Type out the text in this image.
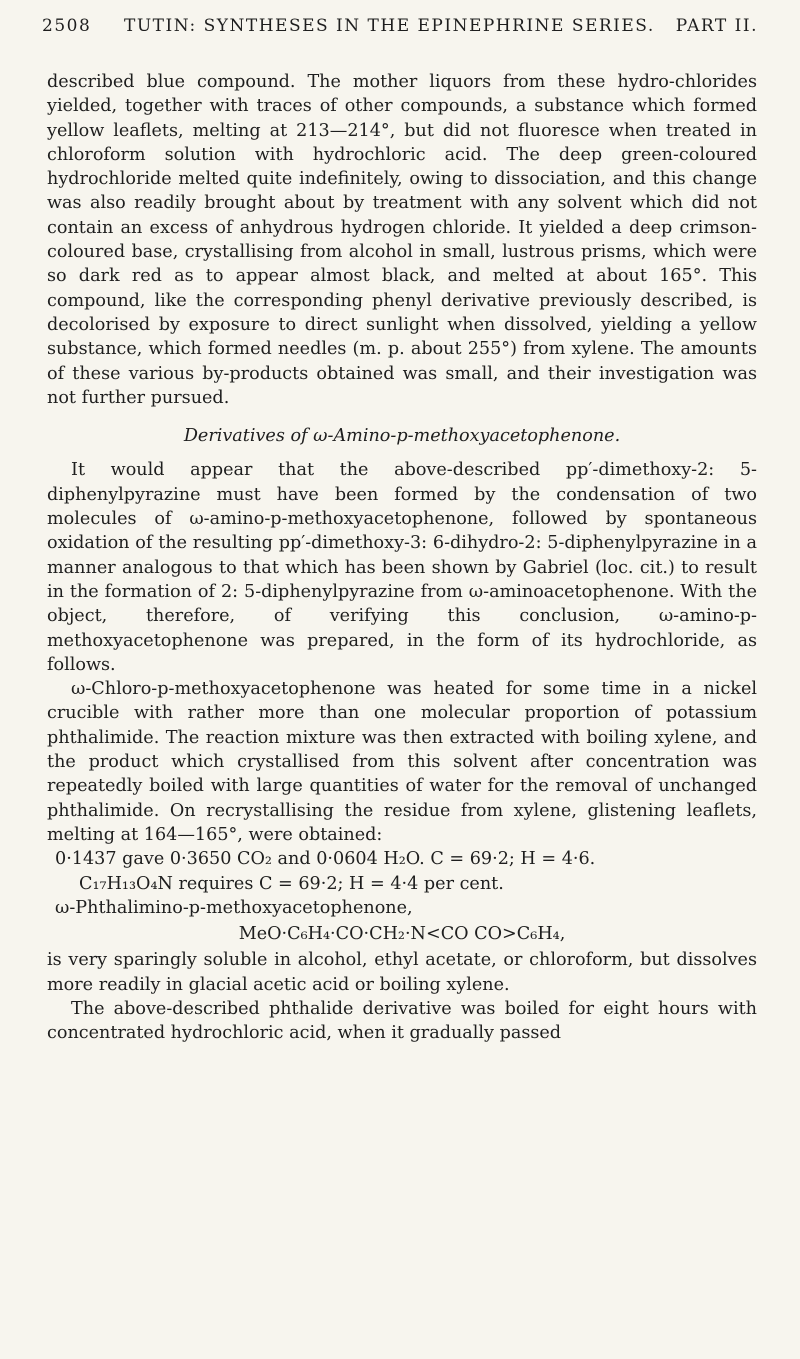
2508 TUTIN: SYNTHESES IN THE EPINEPHRINE SERIES. PART II.

described blue compound. The mother liquors from these hydro-chlorides yielded, together with traces of other compounds, a substance which formed yellow leaflets, melting at 213—214°, but did not fluoresce when treated in chloroform solution with hydrochloric acid. The deep green-coloured hydrochloride melted quite indefinitely, owing to dissociation, and this change was also readily brought about by treatment with any solvent which did not contain an excess of anhydrous hydrogen chloride. It yielded a deep crimson-coloured base, crystallising from alcohol in small, lustrous prisms, which were so dark red as to appear almost black, and melted at about 165°. This compound, like the corresponding phenyl derivative previously described, is decolorised by exposure to direct sunlight when dissolved, yielding a yellow substance, which formed needles (m. p. about 255°) from xylene. The amounts of these various by-products obtained was small, and their investigation was not further pursued.

Derivatives of ω-Amino-p-methoxyacetophenone.

It would appear that the above-described pp′-dimethoxy-2: 5-diphenylpyrazine must have been formed by the condensation of two molecules of ω-amino-p-methoxyacetophenone, followed by spontaneous oxidation of the resulting pp′-dimethoxy-3: 6-dihydro-2: 5-diphenylpyrazine in a manner analogous to that which has been shown by Gabriel (loc. cit.) to result in the formation of 2: 5-diphenylpyrazine from ω-aminoacetophenone. With the object, therefore, of verifying this conclusion, ω-amino-p-methoxyacetophenone was prepared, in the form of its hydrochloride, as follows.

ω-Chloro-p-methoxyacetophenone was heated for some time in a nickel crucible with rather more than one molecular proportion of potassium phthalimide. The reaction mixture was then extracted with boiling xylene, and the product which crystallised from this solvent after concentration was repeatedly boiled with large quantities of water for the removal of unchanged phthalimide. On recrystallising the residue from xylene, glistening leaflets, melting at 164—165°, were obtained:

0·1437 gave 0·3650 CO₂ and 0·0604 H₂O. C = 69·2; H = 4·6.

C₁₇H₁₃O₄N requires C = 69·2; H = 4·4 per cent.

ω-Phthalimino-p-methoxyacetophenone,

MeO·C₆H₄·CO·CH₂·N<CO CO>C₆H₄,

is very sparingly soluble in alcohol, ethyl acetate, or chloroform, but dissolves more readily in glacial acetic acid or boiling xylene.

The above-described phthalide derivative was boiled for eight hours with concentrated hydrochloric acid, when it gradually passed
